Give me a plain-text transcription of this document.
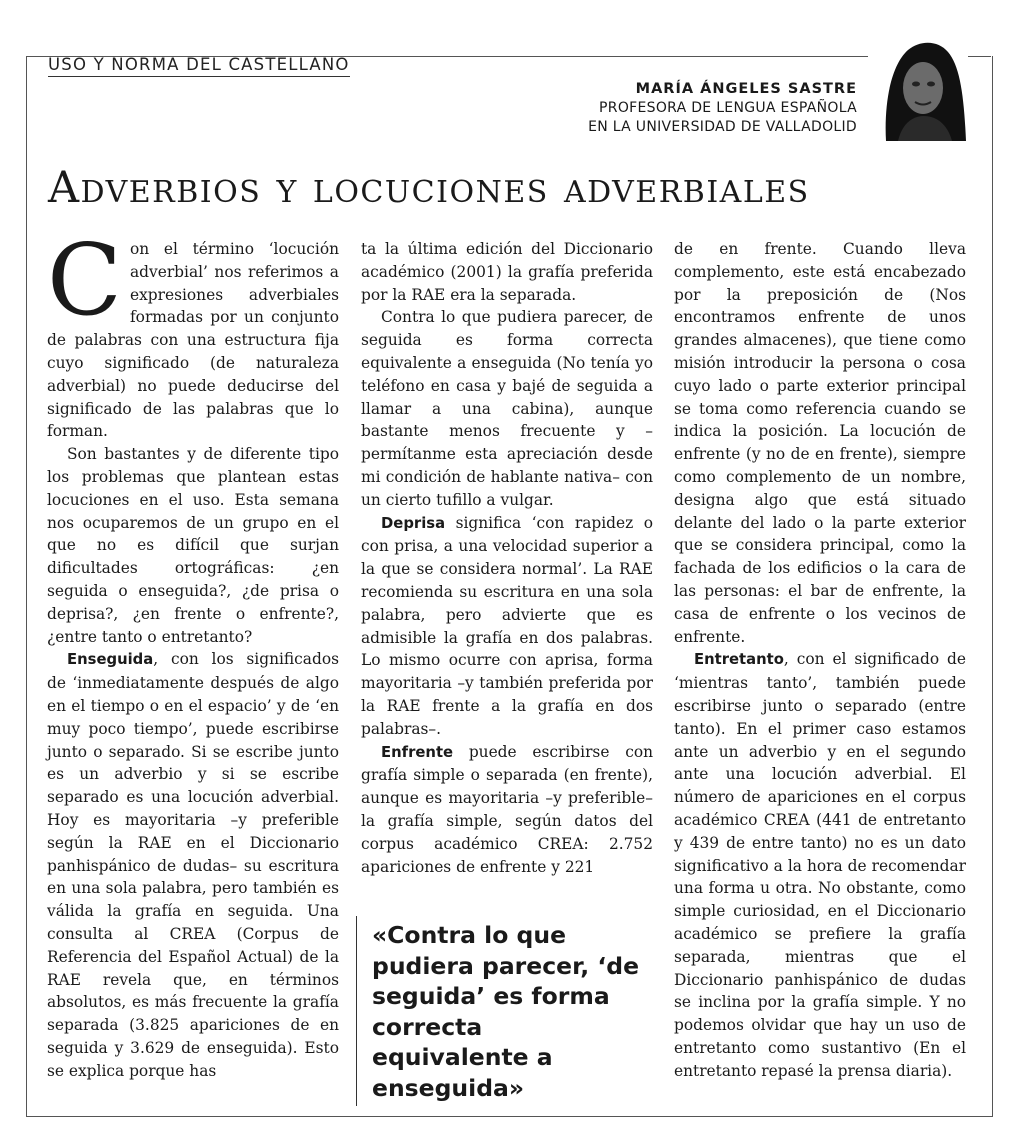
USO Y NORMA DEL CASTELLANO
MARÍA ÁNGELES SASTRE
PROFESORA DE LENGUA ESPAÑOLA
EN LA UNIVERSIDAD DE VALLADOLID
Adverbios y locuciones adverbiales

Con el término ‘locución adverbial’ nos referimos a expresiones adverbiales formadas por un conjunto de palabras con una estructura fija cuyo significado (de naturaleza adverbial) no puede deducirse del significado de las palabras que lo forman.

Son bastantes y de diferente tipo los problemas que plantean estas locuciones en el uso. Esta semana nos ocuparemos de un grupo en el que no es difícil que surjan dificultades ortográficas: ¿en seguida o enseguida?, ¿de prisa o deprisa?, ¿en frente o enfrente?, ¿entre tanto o entretanto?

Enseguida, con los significados de ‘inmediatamente después de algo en el tiempo o en el espacio’ y de ‘en muy poco tiempo’, puede escribirse junto o separado. Si se escribe junto es un adverbio y si se escribe separado es una locución adverbial. Hoy es mayoritaria –y preferible según la RAE en el Diccionario panhispánico de dudas– su escritura en una sola palabra, pero también es válida la grafía en seguida. Una consulta al CREA (Corpus de Referencia del Español Actual) de la RAE revela que, en términos absolutos, es más frecuente la grafía separada (3.825 apariciones de en seguida y 3.629 de enseguida). Esto se explica porque has

ta la última edición del Diccionario académico (2001) la grafía preferida por la RAE era la separada.

Contra lo que pudiera parecer, de seguida es forma correcta equivalente a enseguida (No tenía yo teléfono en casa y bajé de seguida a llamar a una cabina), aunque bastante menos frecuente y –permítanme esta apreciación desde mi condición de hablante nativa– con un cierto tufillo a vulgar.

Deprisa significa ‘con rapidez o con prisa, a una velocidad superior a la que se considera normal’. La RAE recomienda su escritura en una sola palabra, pero advierte que es admisible la grafía en dos palabras. Lo mismo ocurre con aprisa, forma mayoritaria –y también preferida por la RAE frente a la grafía en dos palabras–.

Enfrente puede escribirse con grafía simple o separada (en frente), aunque es mayoritaria –y preferible– la grafía simple, según datos del corpus académico CREA: 2.752 apariciones de enfrente y 221

«Contra lo que pudiera parecer, ‘de seguida’ es forma correcta equivalente a enseguida»

de en frente. Cuando lleva complemento, este está encabezado por la preposición de (Nos encontramos enfrente de unos grandes almacenes), que tiene como misión introducir la persona o cosa cuyo lado o parte exterior principal se toma como referencia cuando se indica la posición. La locución de enfrente (y no de en frente), siempre como complemento de un nombre, designa algo que está situado delante del lado o la parte exterior que se considera principal, como la fachada de los edificios o la cara de las personas: el bar de enfrente, la casa de enfrente o los vecinos de enfrente.

Entretanto, con el significado de ‘mientras tanto’, también puede escribirse junto o separado (entre tanto). En el primer caso estamos ante un adverbio y en el segundo ante una locución adverbial. El número de apariciones en el corpus académico CREA (441 de entretanto y 439 de entre tanto) no es un dato significativo a la hora de recomendar una forma u otra. No obstante, como simple curiosidad, en el Diccionario académico se prefiere la grafía separada, mientras que el Diccionario panhispánico de dudas se inclina por la grafía simple. Y no podemos olvidar que hay un uso de entretanto como sustantivo (En el entretanto repasé la prensa diaria).
